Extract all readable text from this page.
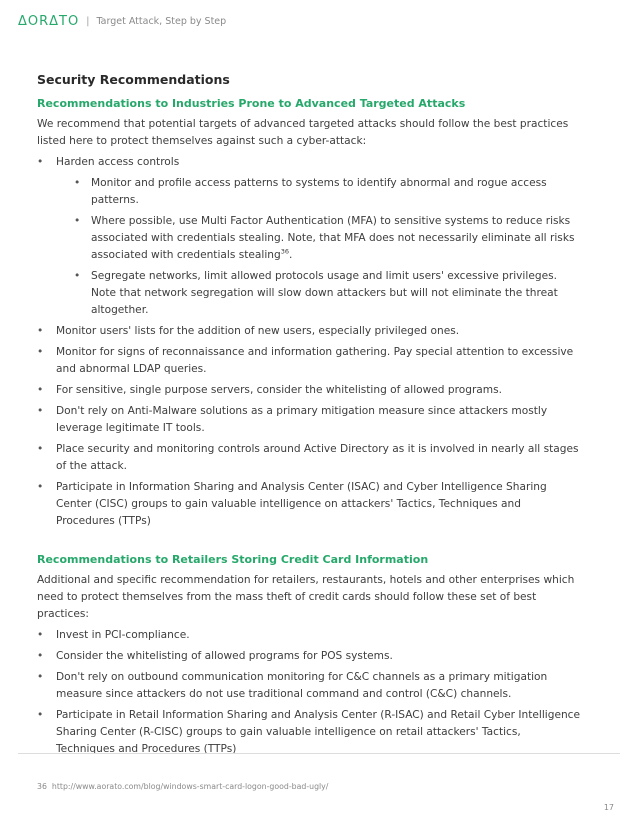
ΔORΔTO | Target Attack, Step by Step
Security Recommendations
Recommendations to Industries Prone to Advanced Targeted Attacks

We recommend that potential targets of advanced targeted attacks should follow the best practices listed here to protect themselves against such a cyber-attack:

• Harden access controls
• Monitor and profile access patterns to systems to identify abnormal and rogue access patterns.
• Where possible, use Multi Factor Authentication (MFA) to sensitive systems to reduce risks associated with credentials stealing. Note, that MFA does not necessarily eliminate all risks associated with credentials stealing$^{36}$.
• Segregate networks, limit allowed protocols usage and limit users' excessive privileges. Note that network segregation will slow down attackers but will not eliminate the threat altogether.
• Monitor users' lists for the addition of new users, especially privileged ones.
• Monitor for signs of reconnaissance and information gathering. Pay special attention to excessive and abnormal LDAP queries.
• For sensitive, single purpose servers, consider the whitelisting of allowed programs.
• Don't rely on Anti-Malware solutions as a primary mitigation measure since attackers mostly leverage legitimate IT tools.
• Place security and monitoring controls around Active Directory as it is involved in nearly all stages of the attack.
• Participate in Information Sharing and Analysis Center (ISAC) and Cyber Intelligence Sharing Center (CISC) groups to gain valuable intelligence on attackers' Tactics, Techniques and Procedures (TTPs)
Recommendations to Retailers Storing Credit Card Information

Additional and specific recommendation for retailers, restaurants, hotels and other enterprises which need to protect themselves from the mass theft of credit cards should follow these set of best practices:

• Invest in PCI-compliance.
• Consider the whitelisting of allowed programs for POS systems.
• Don't rely on outbound communication monitoring for C&C channels as a primary mitigation measure since attackers do not use traditional command and control (C&C) channels.
• Participate in Retail Information Sharing and Analysis Center (R-ISAC) and Retail Cyber Intelligence Sharing Center (R-CISC) groups to gain valuable intelligence on retail attackers' Tactics, Techniques and Procedures (TTPs)
36 http://www.aorato.com/blog/windows-smart-card-logon-good-bad-ugly/
17
